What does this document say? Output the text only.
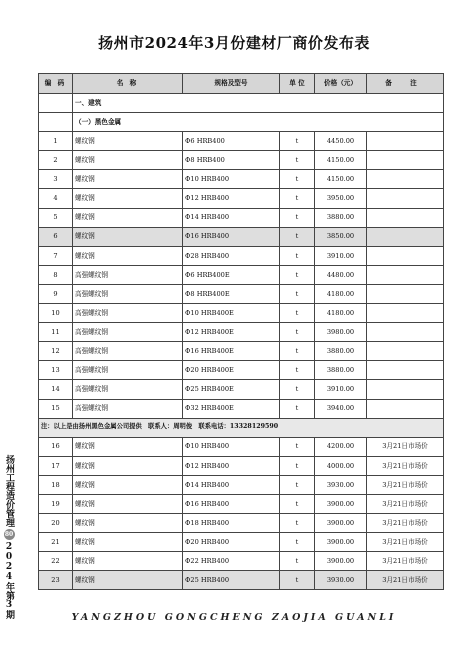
扬州市2024年3月份建材厂商价发布表
编 码	名 称	规格及型号	单 位	价格（元）	备 注
	一、建筑				
	（一）黑色金属				
1	螺纹钢	Φ6 HRB400	t	4450.00	
2	螺纹钢	Φ8 HRB400	t	4150.00	
3	螺纹钢	Φ10 HRB400	t	4150.00	
4	螺纹钢	Φ12 HRB400	t	3950.00	
5	螺纹钢	Φ14 HRB400	t	3880.00	
6	螺纹钢	Φ16 HRB400	t	3850.00	
7	螺纹钢	Φ28 HRB400	t	3910.00	
8	高强螺纹钢	Φ6 HRB400E	t	4480.00	
9	高强螺纹钢	Φ8 HRB400E	t	4180.00	
10	高强螺纹钢	Φ10 HRB400E	t	4180.00	
11	高强螺纹钢	Φ12 HRB400E	t	3980.00	
12	高强螺纹钢	Φ16 HRB400E	t	3880.00	
13	高强螺纹钢	Φ20 HRB400E	t	3880.00	
14	高强螺纹钢	Φ25 HRB400E	t	3910.00	
15	高强螺纹钢	Φ32 HRB400E	t	3940.00	
注：以上是由扬州黑色金属公司提供　联系人：周明俊　联系电话：13328129590					
16	螺纹钢	Φ10 HRB400	t	4200.00	3月21日市场价
17	螺纹钢	Φ12 HRB400	t	4000.00	3月21日市场价
18	螺纹钢	Φ14 HRB400	t	3930.00	3月21日市场价
19	螺纹钢	Φ16 HRB400	t	3900.00	3月21日市场价
20	螺纹钢	Φ18 HRB400	t	3900.00	3月21日市场价
21	螺纹钢	Φ20 HRB400	t	3900.00	3月21日市场价
22	螺纹钢	Φ22 HRB400	t	3900.00	3月21日市场价
23	螺纹钢	Φ25 HRB400	t	3930.00	3月21日市场价
扬州工程造价管理802024年第3期	YANGZHOU GONGCHENG ZAOJIA GUANLI
